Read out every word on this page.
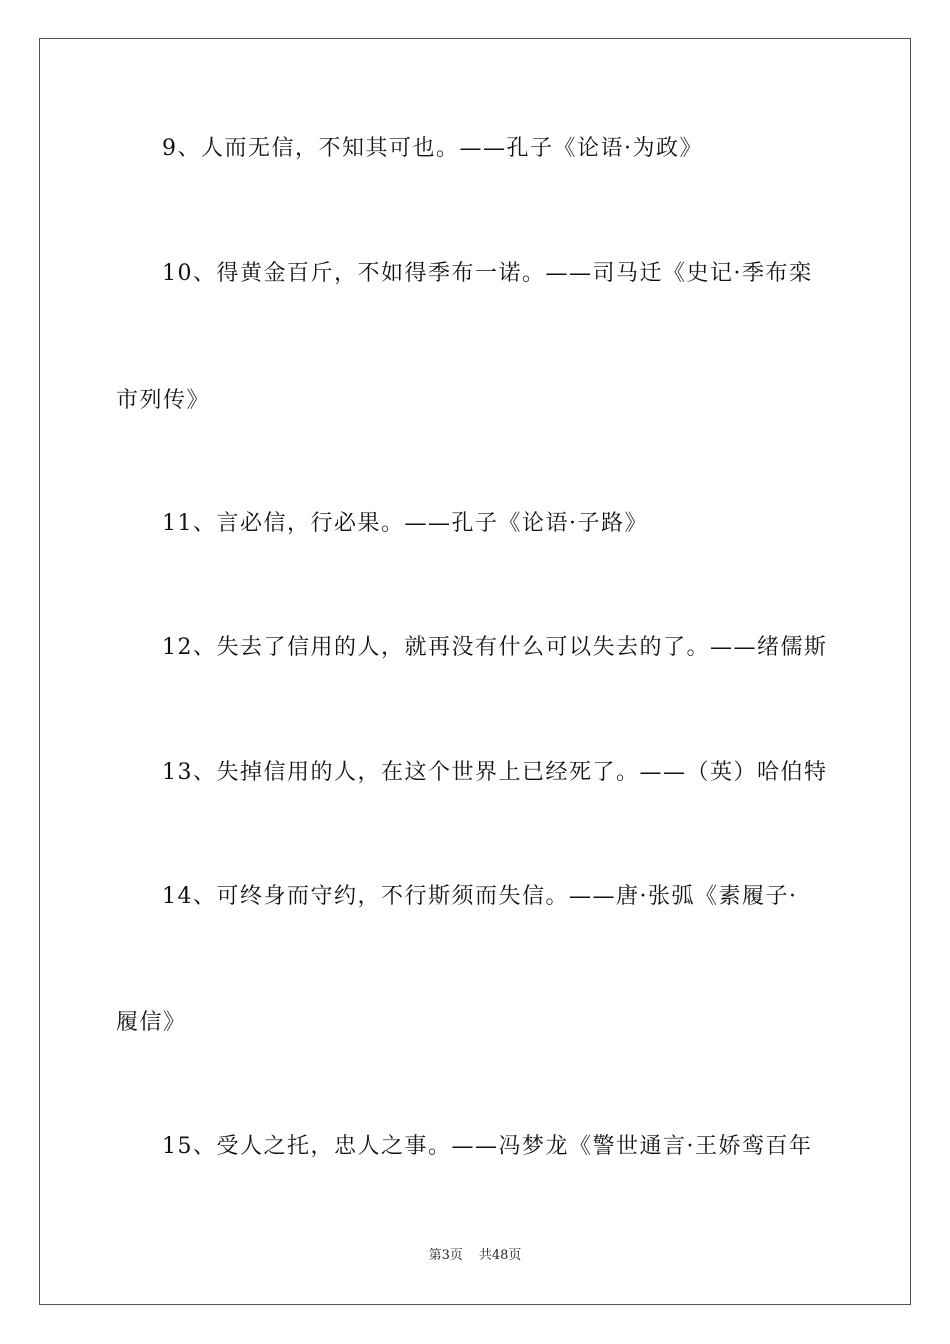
9、人而无信，不知其可也。——孔子《论语·为政》
10、得黄金百斤，不如得季布一诺。——司马迁《史记·季布栾
市列传》
11、言必信，行必果。——孔子《论语·子路》
12、失去了信用的人，就再没有什么可以失去的了。——绪儒斯
13、失掉信用的人，在这个世界上已经死了。——（英）哈伯特
14、可终身而守约，不行斯须而失信。——唐·张弧《素履子·
履信》
15、受人之托，忠人之事。——冯梦龙《警世通言·王娇鸾百年
第3页 共48页
